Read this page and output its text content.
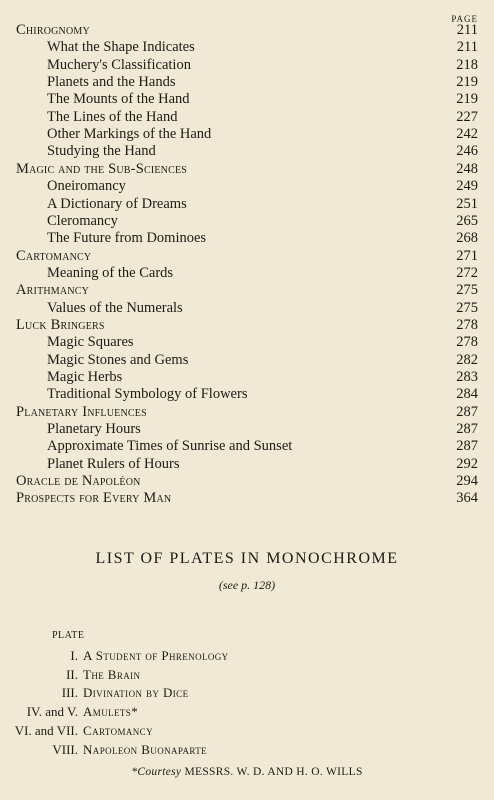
PAGE
Chirognomy	211
What the Shape Indicates	211
Muchery's Classification	218
Planets and the Hands	219
The Mounts of the Hand	219
The Lines of the Hand	227
Other Markings of the Hand	242
Studying the Hand	246
Magic and the Sub-Sciences	248
Oneiromancy	249
A Dictionary of Dreams	251
Cleromancy	265
The Future from Dominoes	268
Cartomancy	271
Meaning of the Cards	272
Arithmancy	275
Values of the Numerals	275
Luck Bringers	278
Magic Squares	278
Magic Stones and Gems	282
Magic Herbs	283
Traditional Symbology of Flowers	284
Planetary Influences	287
Planetary Hours	287
Approximate Times of Sunrise and Sunset	287
Planet Rulers of Hours	292
Oracle de Napoléon	294
Prospects for Every Man	364
LIST OF PLATES IN MONOCHROME
(see p. 128)
PLATE
I. A Student of Phrenology
II. The Brain
III. Divination by Dice
IV. and V. Amulets*
VI. and VII. Cartomancy
VIII. Napoleon Buonaparte
*Courtesy MESSRS. W. D. AND H. O. WILLS
